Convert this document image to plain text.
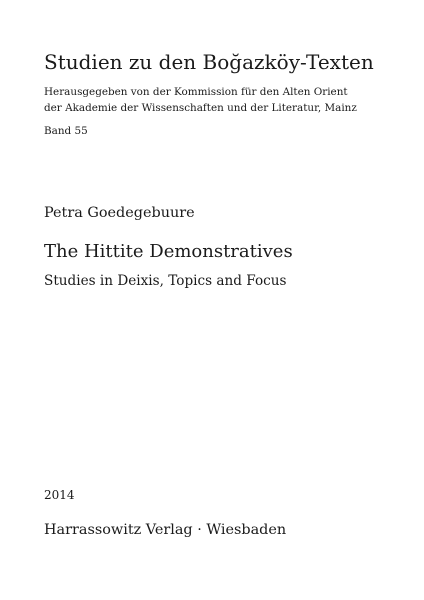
Studien zu den Boğazköy-Texten
Herausgegeben von der Kommission für den Alten Orient
der Akademie der Wissenschaften und der Literatur, Mainz
Band 55
Petra Goedegebuure
The Hittite Demonstratives
Studies in Deixis, Topics and Focus
2014
Harrassowitz Verlag · Wiesbaden
